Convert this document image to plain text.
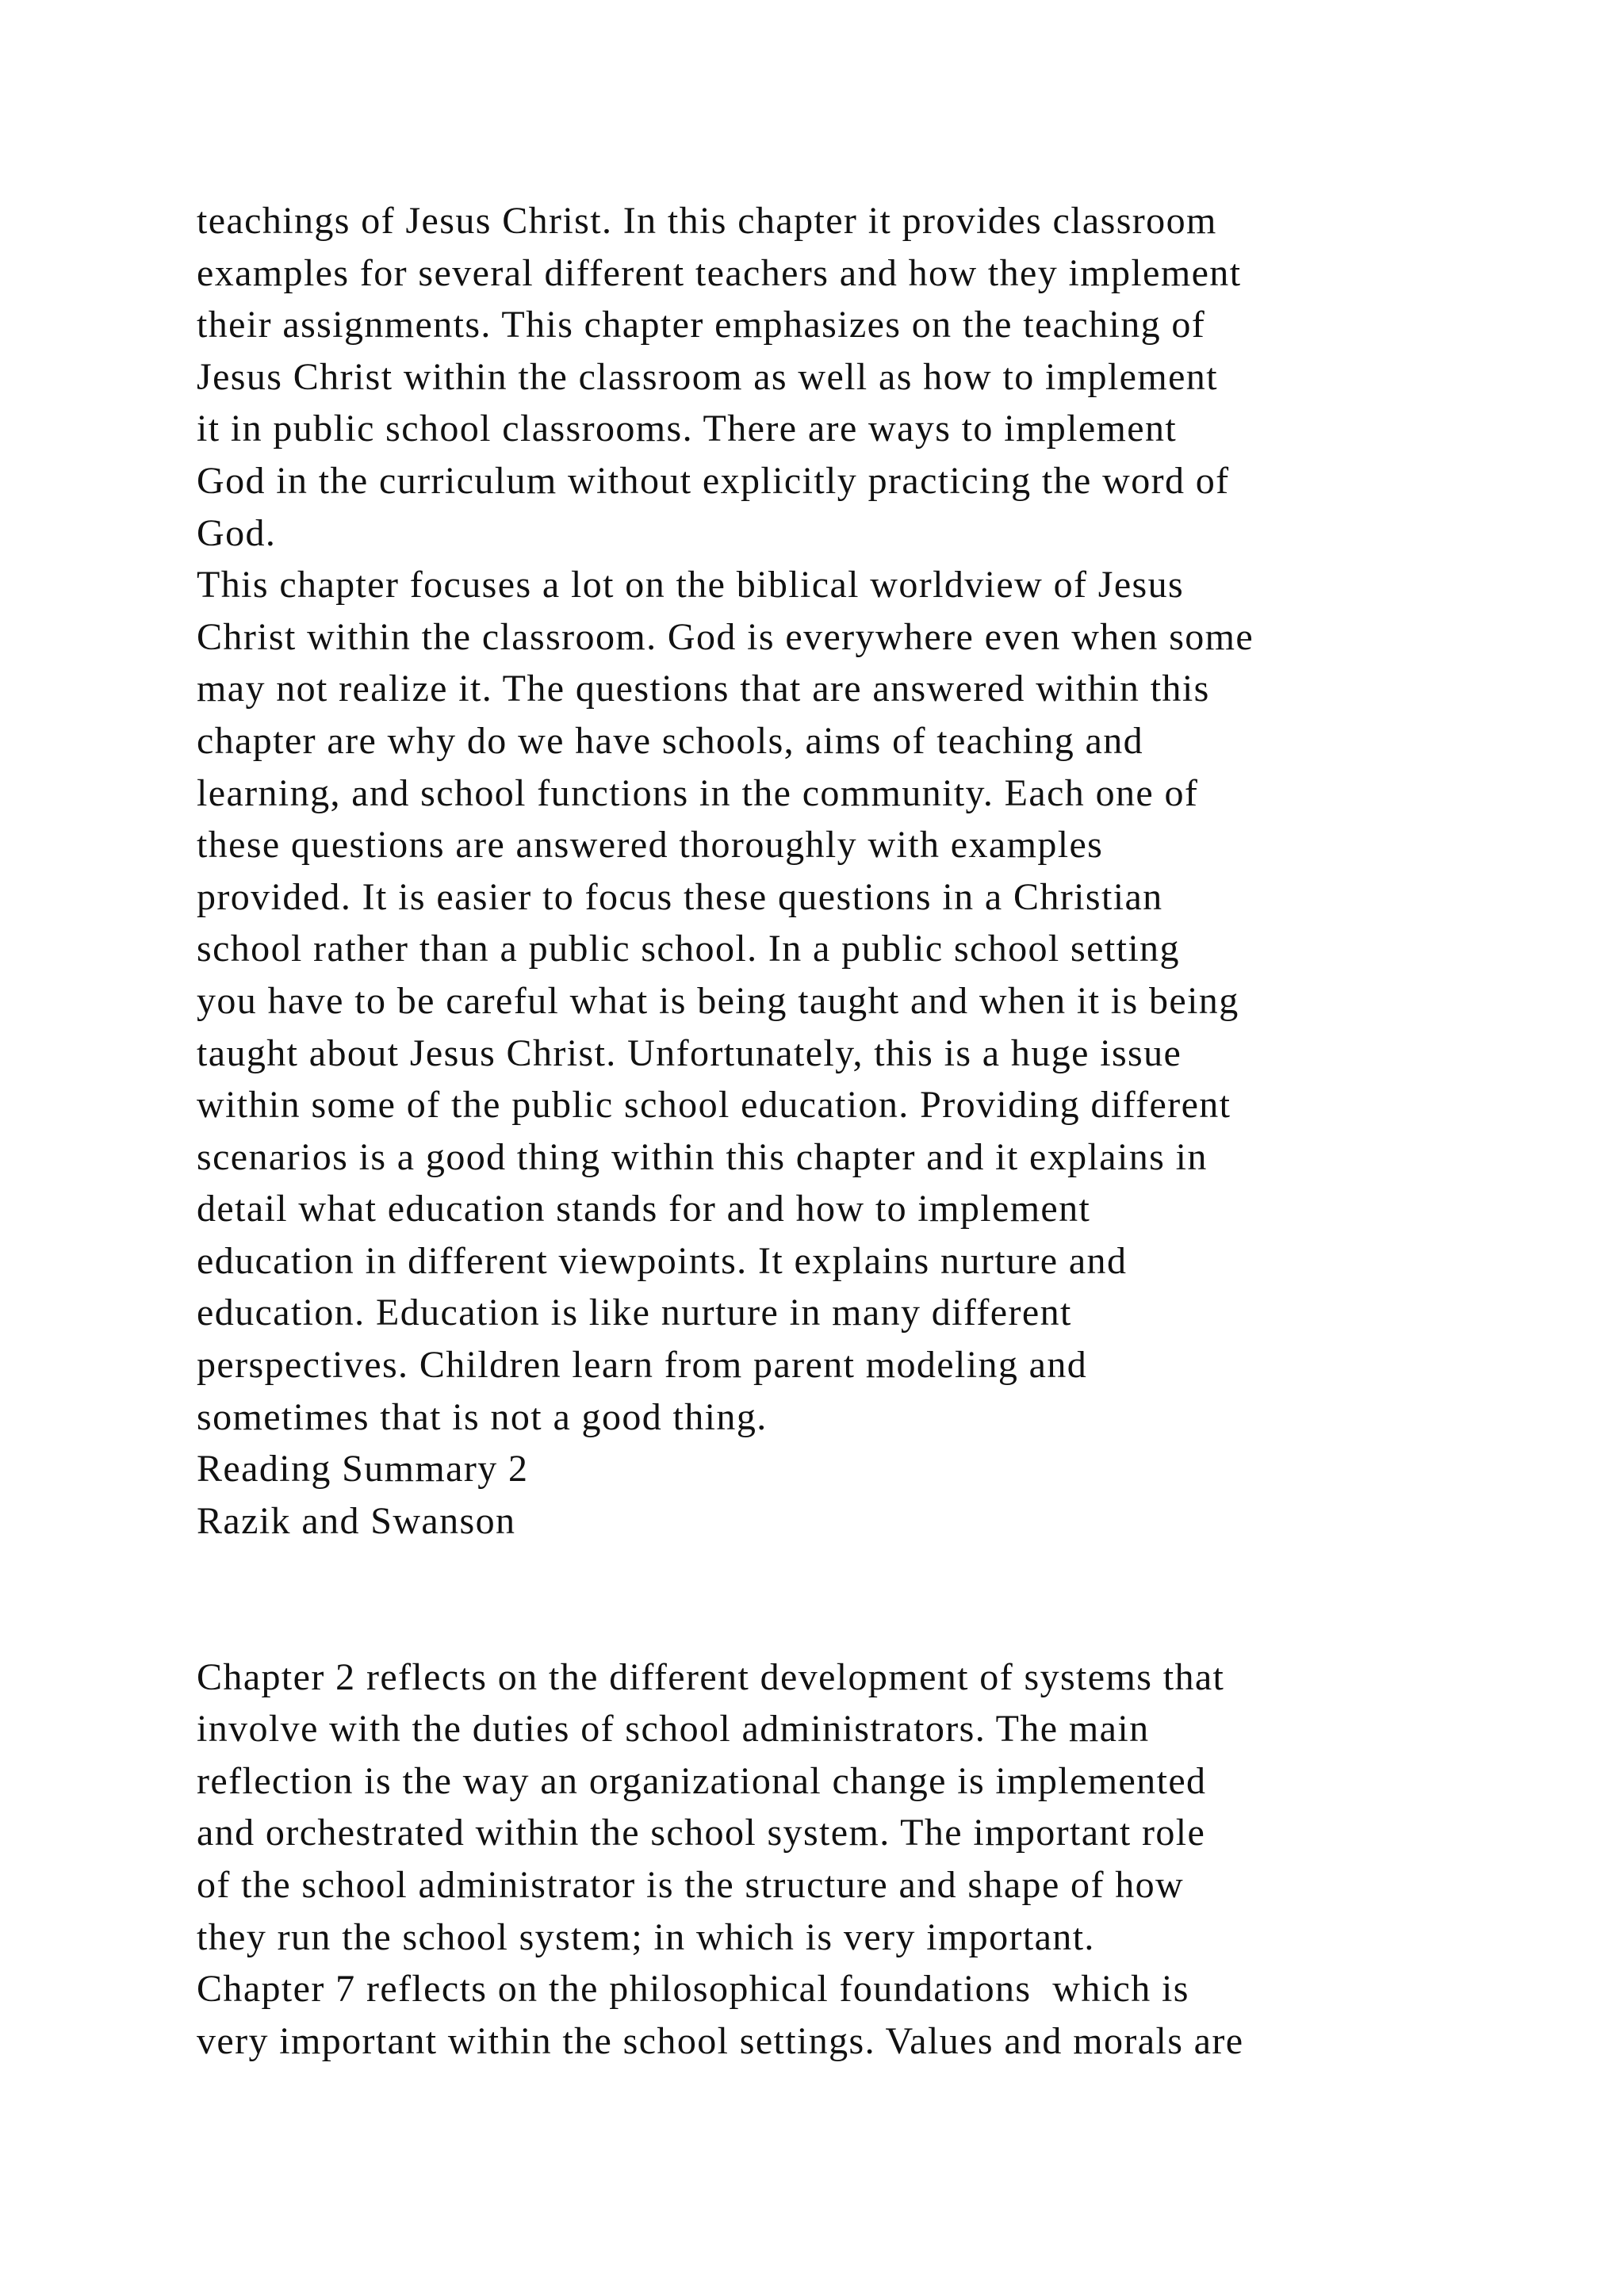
teachings of Jesus Christ. In this chapter it provides classroom
examples for several different teachers and how they implement
their assignments. This chapter emphasizes on the teaching of
Jesus Christ within the classroom as well as how to implement
it in public school classrooms. There are ways to implement
God in the curriculum without explicitly practicing the word of
God.
This chapter focuses a lot on the biblical worldview of Jesus
Christ within the classroom. God is everywhere even when some
may not realize it. The questions that are answered within this
chapter are why do we have schools, aims of teaching and
learning, and school functions in the community. Each one of
these questions are answered thoroughly with examples
provided. It is easier to focus these questions in a Christian
school rather than a public school. In a public school setting
you have to be careful what is being taught and when it is being
taught about Jesus Christ. Unfortunately, this is a huge issue
within some of the public school education. Providing different
scenarios is a good thing within this chapter and it explains in
detail what education stands for and how to implement
education in different viewpoints. It explains nurture and
education. Education is like nurture in many different
perspectives. Children learn from parent modeling and
sometimes that is not a good thing.
Reading Summary 2
Razik and Swanson
Chapter 2 reflects on the different development of systems that
involve with the duties of school administrators. The main
reflection is the way an organizational change is implemented
and orchestrated within the school system. The important role
of the school administrator is the structure and shape of how
they run the school system; in which is very important.
Chapter 7 reflects on the philosophical foundations  which is
very important within the school settings. Values and morals are
